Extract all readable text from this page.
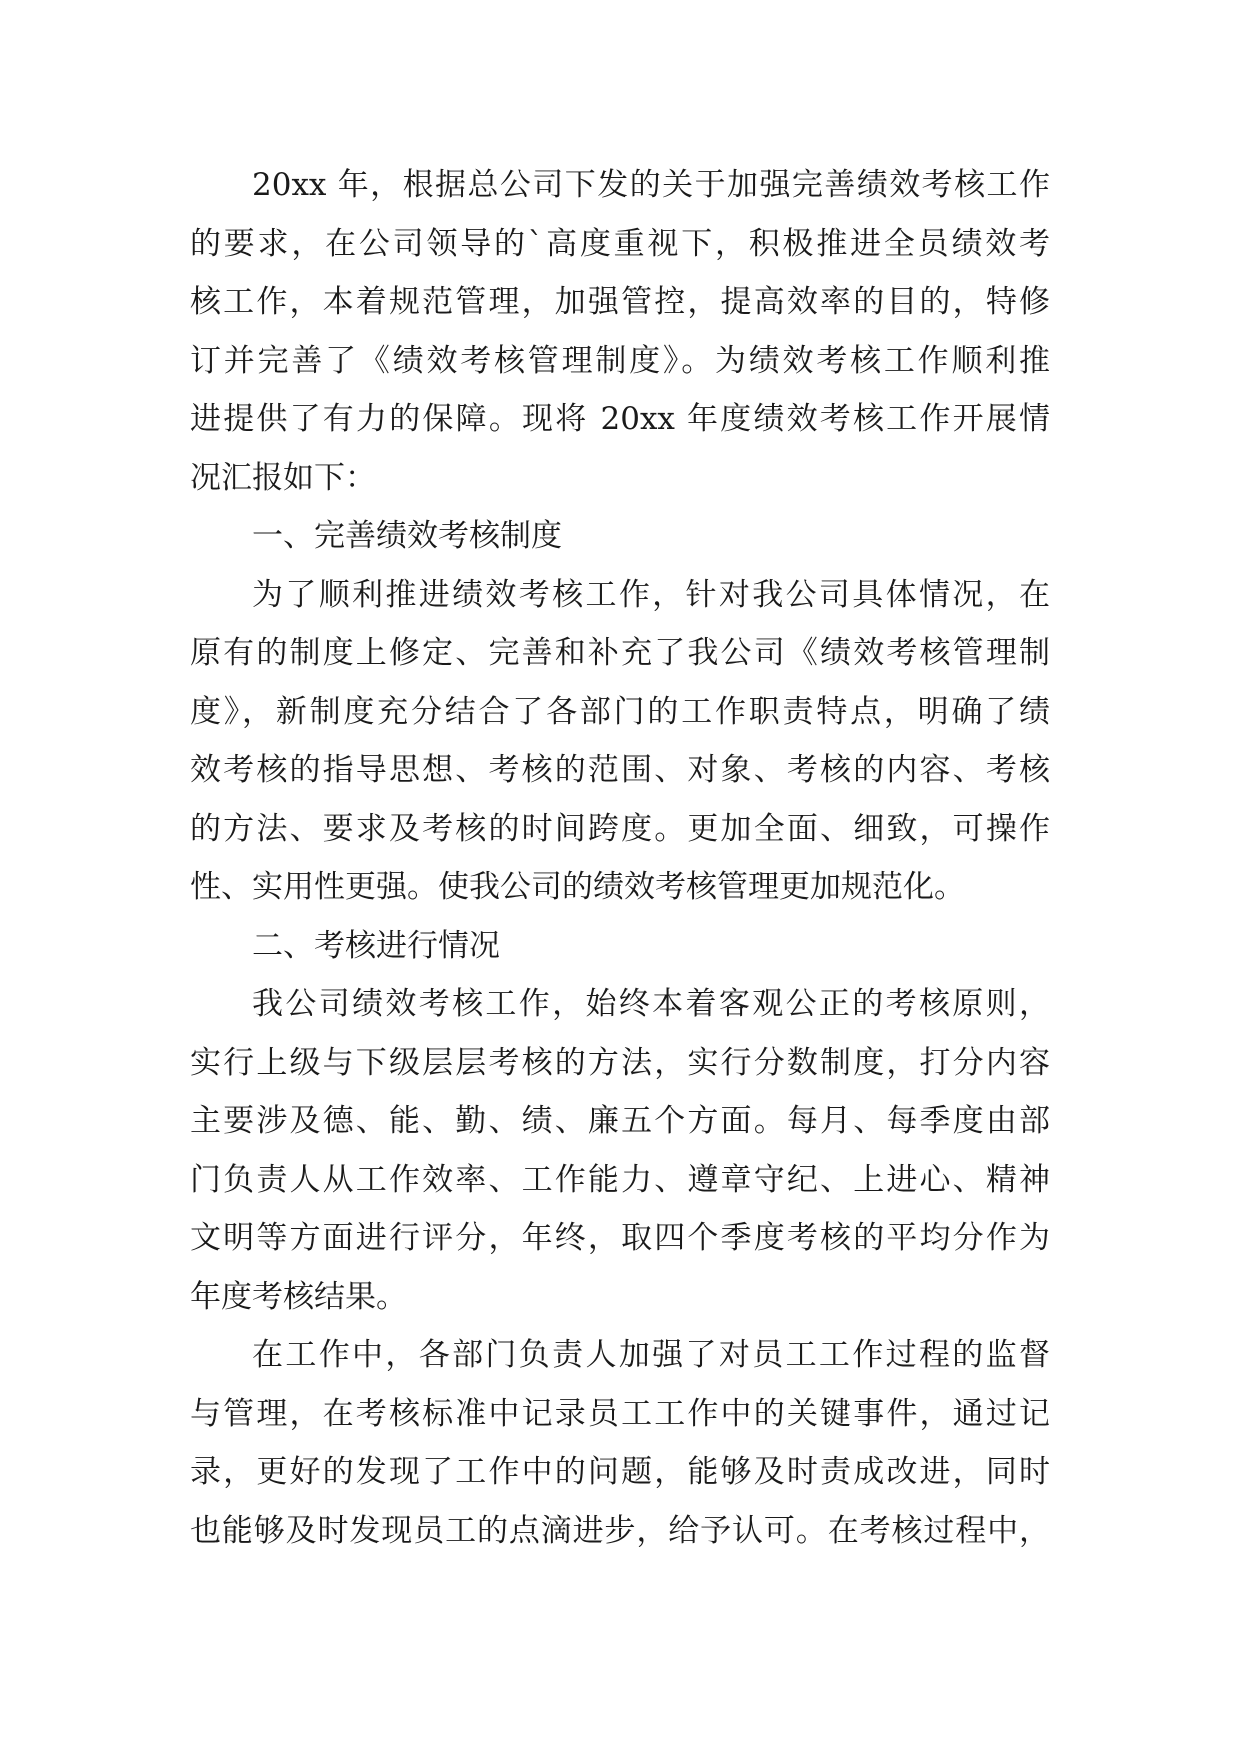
20xx 年，根据总公司下发的关于加强完善绩效考核工作
的要求，在公司领导的`高度重视下，积极推进全员绩效考
核工作，本着规范管理，加强管控，提高效率的目的，特修
订并完善了《绩效考核管理制度》。为绩效考核工作顺利推
进提供了有力的保障。现将 20xx 年度绩效考核工作开展情
况汇报如下：
一、完善绩效考核制度
为了顺利推进绩效考核工作，针对我公司具体情况，在
原有的制度上修定、完善和补充了我公司《绩效考核管理制
度》，新制度充分结合了各部门的工作职责特点，明确了绩
效考核的指导思想、考核的范围、对象、考核的内容、考核
的方法、要求及考核的时间跨度。更加全面、细致，可操作
性、实用性更强。使我公司的绩效考核管理更加规范化。
二、考核进行情况
我公司绩效考核工作，始终本着客观公正的考核原则，
实行上级与下级层层考核的方法，实行分数制度，打分内容
主要涉及德、能、勤、绩、廉五个方面。每月、每季度由部
门负责人从工作效率、工作能力、遵章守纪、上进心、精神
文明等方面进行评分，年终，取四个季度考核的平均分作为
年度考核结果。
在工作中，各部门负责人加强了对员工工作过程的监督
与管理，在考核标准中记录员工工作中的关键事件，通过记
录，更好的发现了工作中的问题，能够及时责成改进，同时
也能够及时发现员工的点滴进步，给予认可。在考核过程中，
